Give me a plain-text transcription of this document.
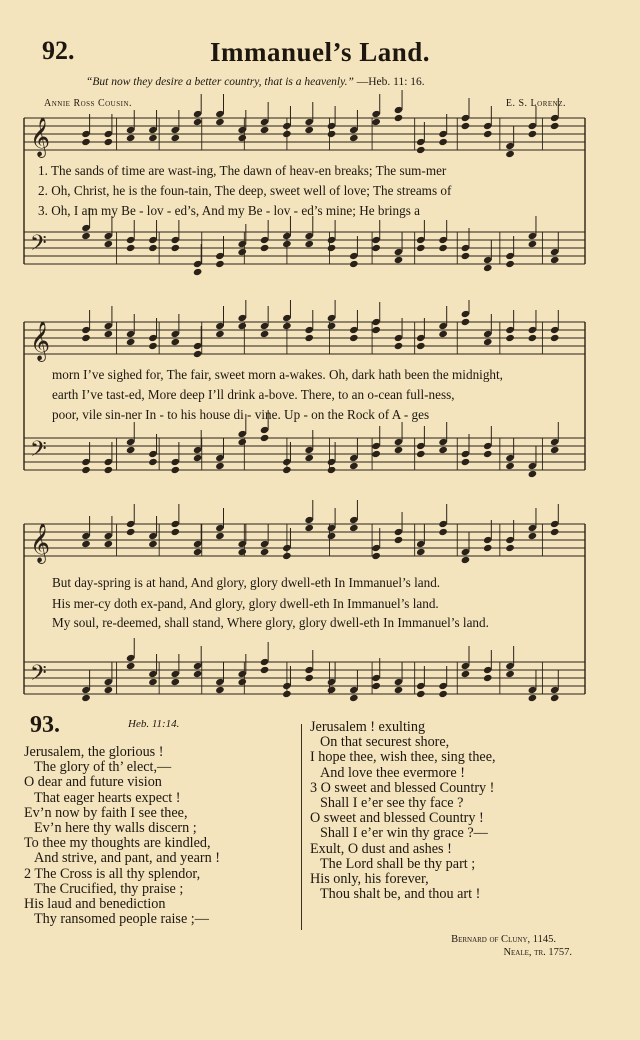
92.	Immanuel’s Land.
“But now they desire a better country, that is a heavenly.” —Heb. 11: 16.
Annie Ross Cousin.	E. S. Lorenz.
𝄞
𝄢
1. The sands of time are wast-ing, The dawn of heav-en breaks; The sum-mer
2. Oh, Christ, he is the foun-tain, The deep, sweet well of love; The streams of
3. Oh, I am my Be - lov - ed’s, And my Be - lov - ed’s mine; He brings a
𝄞
𝄢
morn I’ve sighed for, The fair, sweet morn a-wakes. Oh, dark hath been the midnight,
earth I’ve tast-ed, More deep I’ll drink a-bove. There, to an o-cean full-ness,
poor, vile sin-ner In - to his house di - vine. Up - on the Rock of A - ges
𝄞
𝄢
But day-spring is at hand, And glory, glory dwell-eth In Immanuel’s land.
His mer-cy doth ex-pand, And glory, glory dwell-eth In Immanuel’s land.
My soul, re-deemed, shall stand, Where glory, glory dwell-eth In Immanuel’s land.
93.	Heb. 11:14.
Jerusalem, the glorious !
The glory of th’ elect,—
O dear and future vision
That eager hearts expect !
Ev’n now by faith I see thee,
Ev’n here thy walls discern ;
To thee my thoughts are kindled,
And strive, and pant, and yearn !
2 The Cross is all thy splendor,
The Crucified, thy praise ;
His laud and benediction
Thy ransomed people raise ;—
Jerusalem ! exulting
On that securest shore,
I hope thee, wish thee, sing thee,
And love thee evermore !
3 O sweet and blessed Country !
Shall I e’er see thy face ?
O sweet and blessed Country !
Shall I e’er win thy grace ?—
Exult, O dust and ashes !
The Lord shall be thy part ;
His only, his forever,
Thou shalt be, and thou art !
Bernard of Cluny, 1145.
Neale, tr. 1757.
